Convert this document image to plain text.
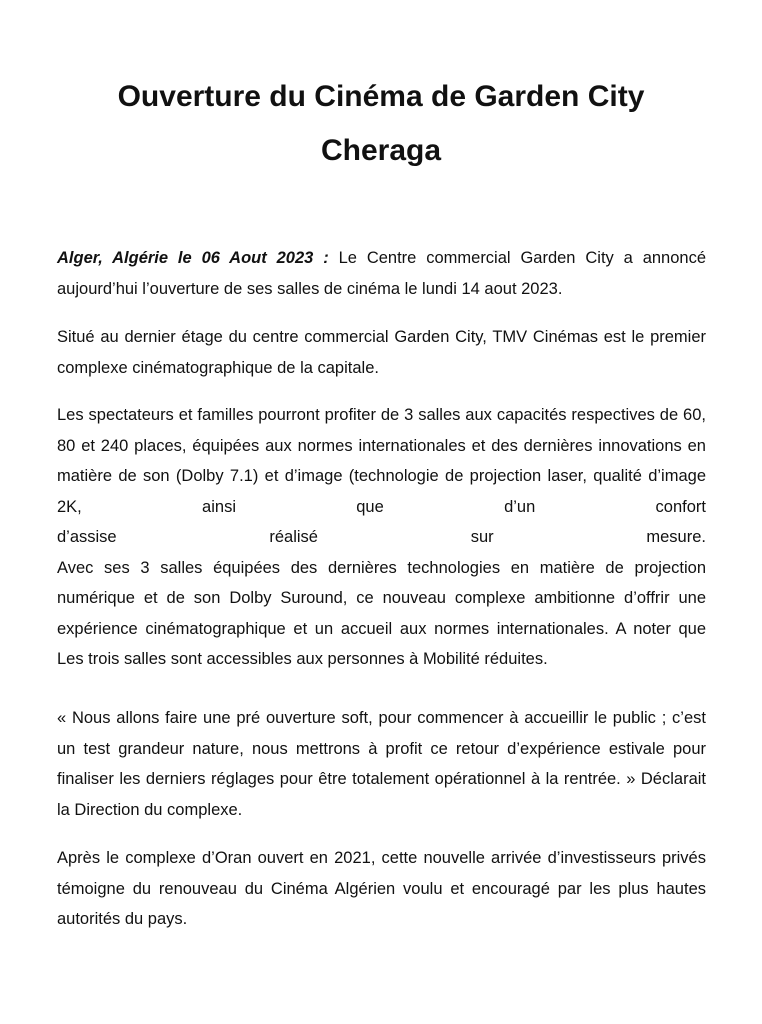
Ouverture du Cinéma de Garden City
Cheraga

Alger, Algérie le 06 Aout 2023 : Le Centre commercial Garden City a annoncé aujourd’hui l’ouverture de ses salles de cinéma le lundi 14 aout 2023.

Situé au dernier étage du centre commercial Garden City, TMV Cinémas est le premier complexe cinématographique de la capitale.

Les spectateurs et familles pourront profiter de 3 salles aux capacités respectives de 60, 80 et 240 places, équipées aux normes internationales et des dernières innovations en matière de son (Dolby 7.1) et d’image (technologie de projection laser, qualité d’image 2K, ainsi que d’un confort
d’assise	réalisé	sur	mesure.
Avec ses 3 salles équipées des dernières technologies en matière de projection numérique et de son Dolby Suround, ce nouveau complexe ambitionne d’offrir une expérience cinématographique et un accueil aux normes internationales. A noter que Les trois salles sont accessibles aux personnes à Mobilité réduites.

« Nous allons faire une pré ouverture soft, pour commencer à accueillir le public ; c’est un test grandeur nature, nous mettrons à profit ce retour d’expérience estivale pour finaliser les derniers réglages pour être totalement opérationnel à la rentrée. » Déclarait la Direction du complexe.

Après le complexe d’Oran ouvert en 2021, cette nouvelle arrivée d’investisseurs privés témoigne du renouveau du Cinéma Algérien voulu et encouragé par les plus hautes autorités du pays.
